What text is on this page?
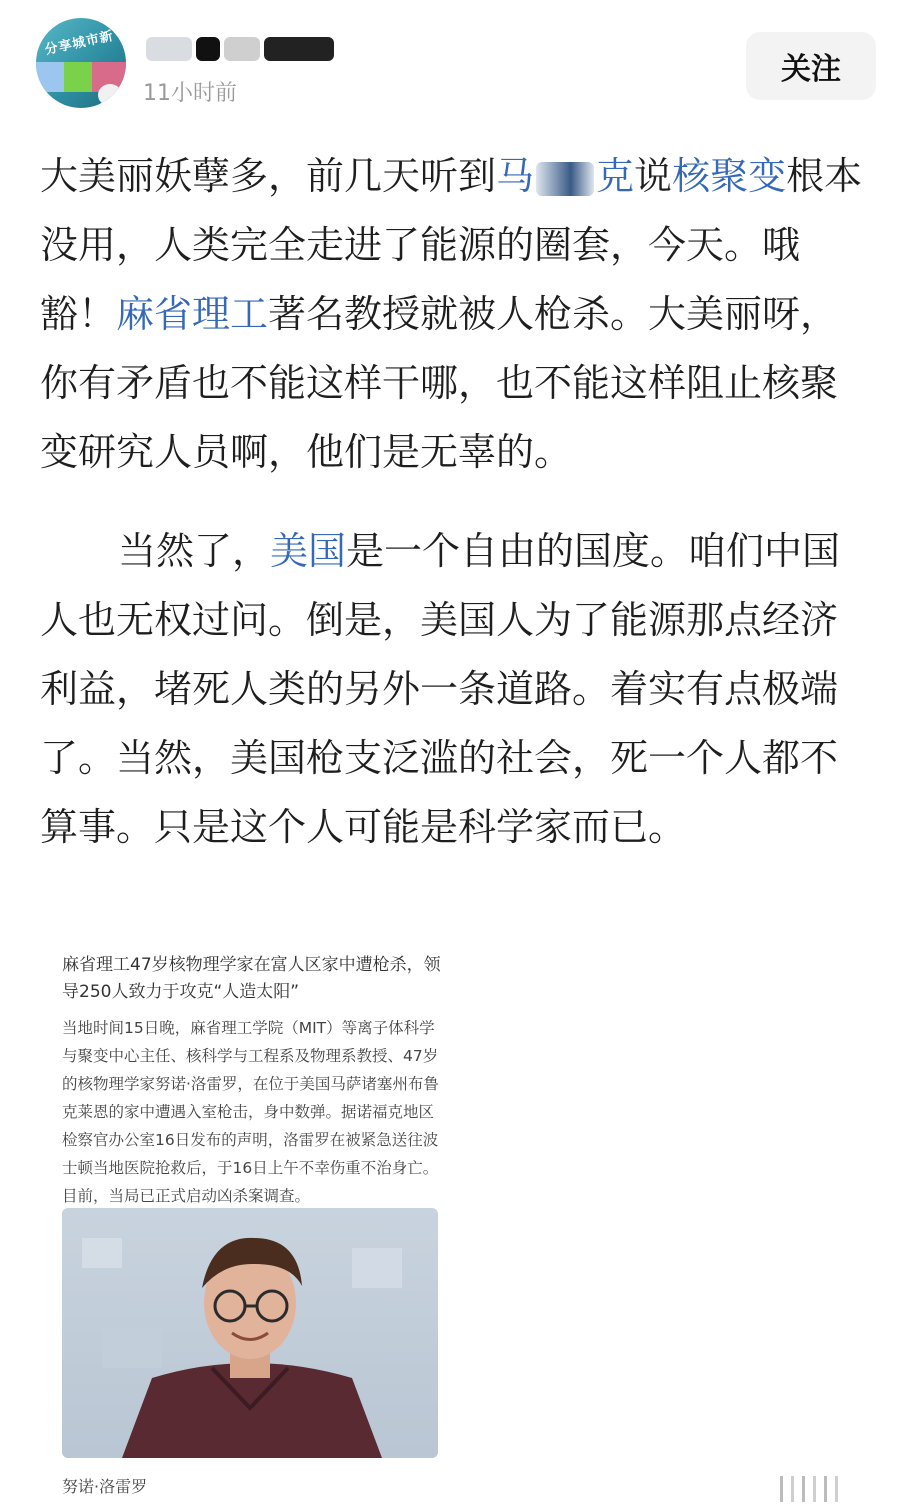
分享城市新
11小时前
关注
大美丽妖孽多，前几天听到马 克说核聚变根本没用，人类完全走进了能源的圈套，今天。哦豁！麻省理工著名教授就被人枪杀。大美丽呀，你有矛盾也不能这样干哪，也不能这样阻止核聚变研究人员啊，他们是无辜的。
当然了，美国是一个自由的国度。咱们中国人也无权过问。倒是，美国人为了能源那点经济利益，堵死人类的另外一条道路。着实有点极端了。当然，美国枪支泛滥的社会，死一个人都不算事。只是这个人可能是科学家而已。
麻省理工47岁核物理学家在富人区家中遭枪杀，领导250人致力于攻克“人造太阳”
当地时间15日晚，麻省理工学院（MIT）等离子体科学与聚变中心主任、核科学与工程系及物理系教授、47岁的核物理学家努诺·洛雷罗，在位于美国马萨诸塞州布鲁克莱恩的家中遭遇入室枪击，身中数弹。据诺福克地区检察官办公室16日发布的声明，洛雷罗在被紧急送往波士顿当地医院抢救后，于16日上午不幸伤重不治身亡。目前，当局已正式启动凶杀案调查。
努诺·洛雷罗
